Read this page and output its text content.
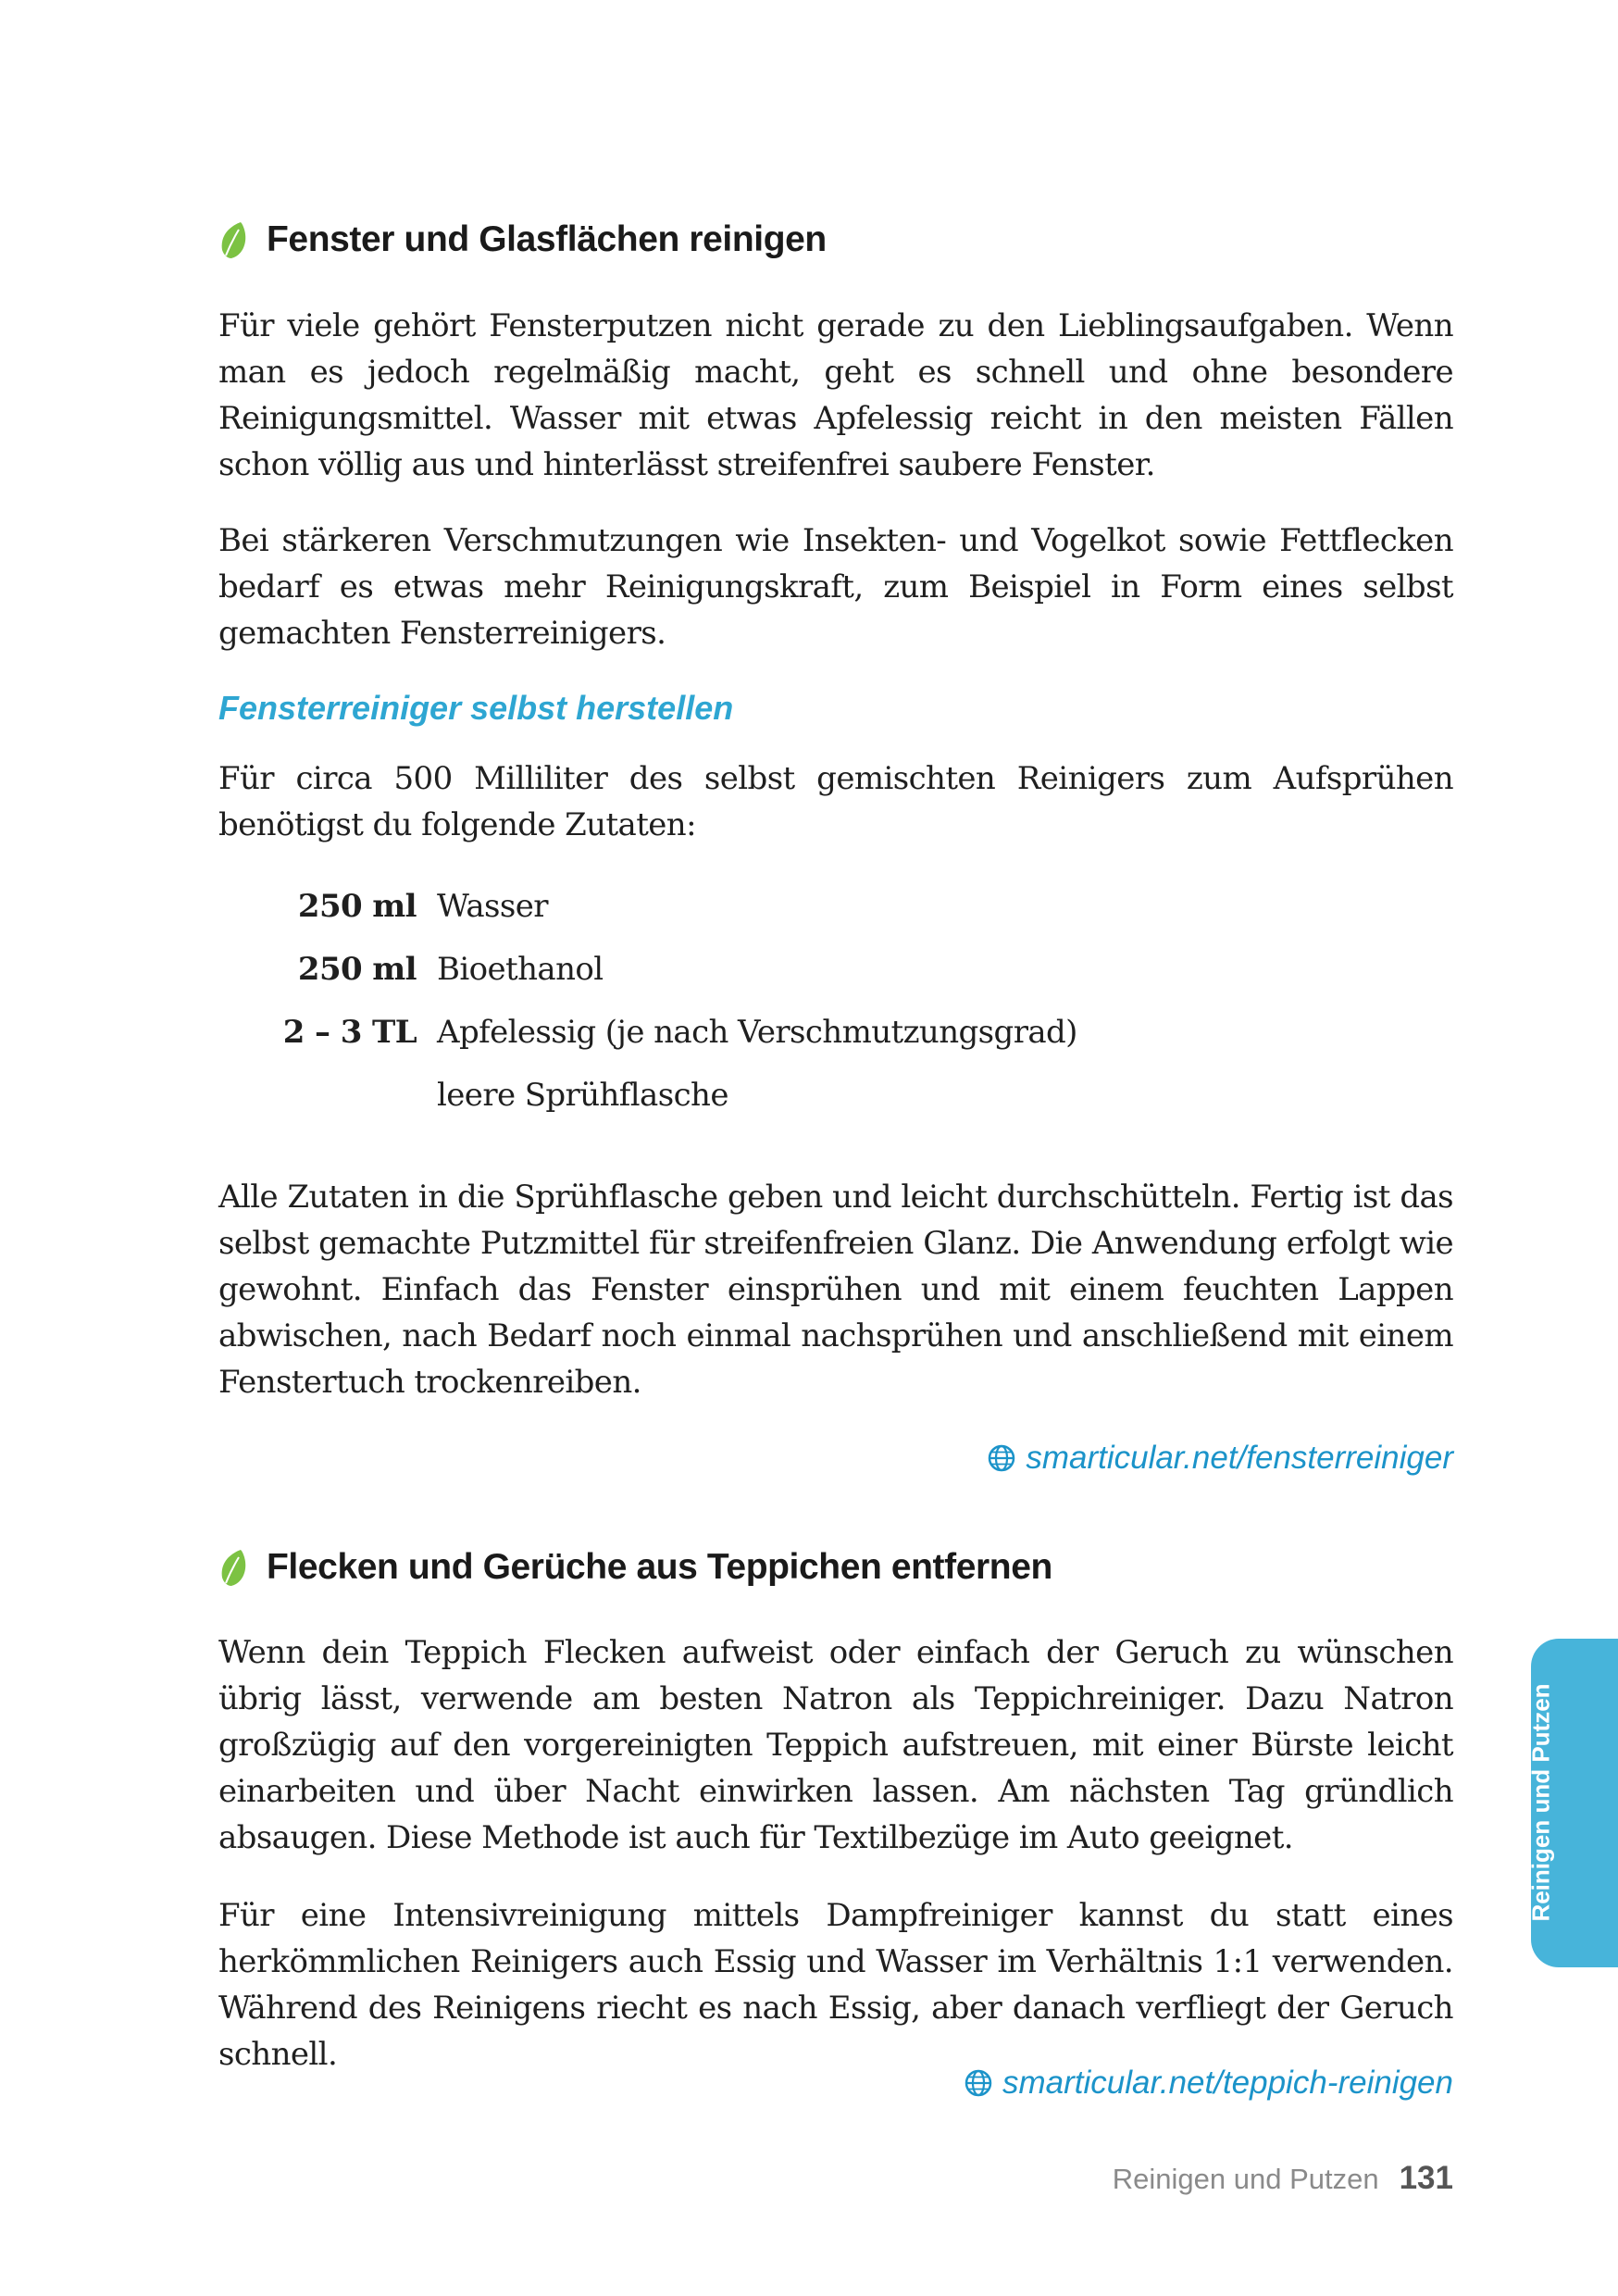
Fenster und Glasflächen reinigen

Für viele gehört Fensterputzen nicht gerade zu den Lieblingsaufgaben. Wenn man es jedoch regelmäßig macht, geht es schnell und ohne besondere Reinigungsmittel. Wasser mit etwas Apfelessig reicht in den meisten Fällen schon völlig aus und hinterlässt streifenfrei saubere Fenster.

Bei stärkeren Verschmutzungen wie Insekten- und Vogelkot sowie Fettflecken bedarf es etwas mehr Reinigungskraft, zum Beispiel in Form eines selbst gemachten Fensterreinigers.

Fensterreiniger selbst herstellen

Für circa 500 Milliliter des selbst gemischten Reinigers zum Aufsprühen benötigst du folgende Zutaten:

250 ml Wasser
250 ml Bioethanol
2 – 3 TL Apfelessig (je nach Verschmutzungsgrad)
leere Sprühflasche

Alle Zutaten in die Sprühflasche geben und leicht durchschütteln. Fertig ist das selbst gemachte Putzmittel für streifenfreien Glanz. Die Anwendung erfolgt wie gewohnt. Einfach das Fenster einsprühen und mit einem feuchten Lappen abwischen, nach Bedarf noch einmal nachsprühen und anschließend mit einem Fenstertuch trockenreiben.

smarticular.net/fensterreiniger
Flecken und Gerüche aus Teppichen entfernen

Wenn dein Teppich Flecken aufweist oder einfach der Geruch zu wünschen übrig lässt, verwende am besten Natron als Teppichreiniger. Dazu Natron großzügig auf den vorgereinigten Teppich aufstreuen, mit einer Bürste leicht einarbeiten und über Nacht einwirken lassen. Am nächsten Tag gründlich absaugen. Diese Methode ist auch für Textilbezüge im Auto geeignet.

Für eine Intensivreinigung mittels Dampfreiniger kannst du statt eines herkömmlichen Reinigers auch Essig und Wasser im Verhältnis 1:1 verwenden. Während des Reinigens riecht es nach Essig, aber danach verfliegt der Geruch schnell.

smarticular.net/teppich-reinigen
Reinigen und Putzen
Reinigen und Putzen 131
